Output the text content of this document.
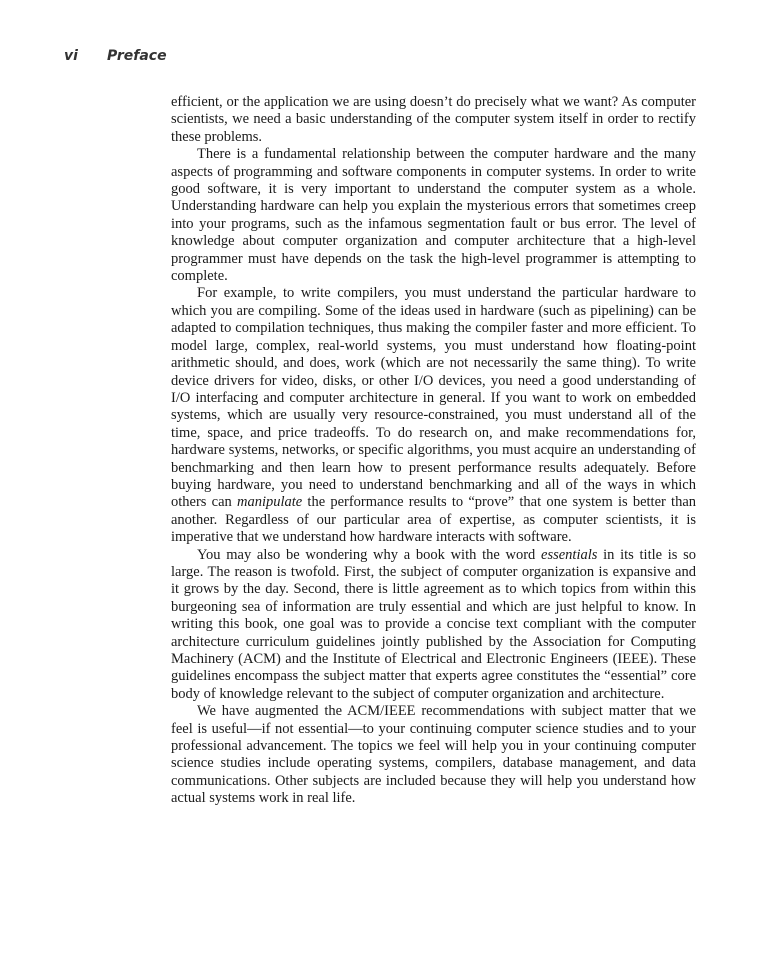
vi Preface

efficient, or the application we are using doesn’t do precisely what we want? As computer scientists, we need a basic understanding of the computer system itself in order to rectify these problems.

There is a fundamental relationship between the computer hardware and the many aspects of programming and software components in computer systems. In order to write good software, it is very important to understand the computer system as a whole. Understanding hardware can help you explain the mysterious errors that sometimes creep into your programs, such as the infamous segmentation fault or bus error. The level of knowledge about computer organization and computer architecture that a high-level programmer must have depends on the task the high-level programmer is attempting to complete.

For example, to write compilers, you must understand the particular hardware to which you are compiling. Some of the ideas used in hardware (such as pipelining) can be adapted to compilation techniques, thus making the compiler faster and more efficient. To model large, complex, real-world systems, you must understand how floating-point arithmetic should, and does, work (which are not necessarily the same thing). To write device drivers for video, disks, or other I/O devices, you need a good understanding of I/O interfacing and computer architecture in general. If you want to work on embedded systems, which are usually very resource-constrained, you must understand all of the time, space, and price tradeoffs. To do research on, and make recommendations for, hardware systems, networks, or specific algorithms, you must acquire an understanding of benchmarking and then learn how to present performance results adequately. Before buying hardware, you need to understand benchmarking and all of the ways in which others can manipulate the performance results to “prove” that one system is better than another. Regardless of our particular area of expertise, as computer scientists, it is imperative that we understand how hardware interacts with software.

You may also be wondering why a book with the word essentials in its title is so large. The reason is twofold. First, the subject of computer organization is expansive and it grows by the day. Second, there is little agreement as to which topics from within this burgeoning sea of information are truly essential and which are just helpful to know. In writing this book, one goal was to provide a concise text compliant with the computer architecture curriculum guidelines jointly published by the Association for Computing Machinery (ACM) and the Institute of Electrical and Electronic Engineers (IEEE). These guidelines encompass the subject matter that experts agree constitutes the “essential” core body of knowledge relevant to the subject of computer organization and architecture.

We have augmented the ACM/IEEE recommendations with subject matter that we feel is useful—if not essential—to your continuing computer science studies and to your professional advancement. The topics we feel will help you in your continuing computer science studies include operating systems, compilers, database management, and data communications. Other subjects are included because they will help you understand how actual systems work in real life.
